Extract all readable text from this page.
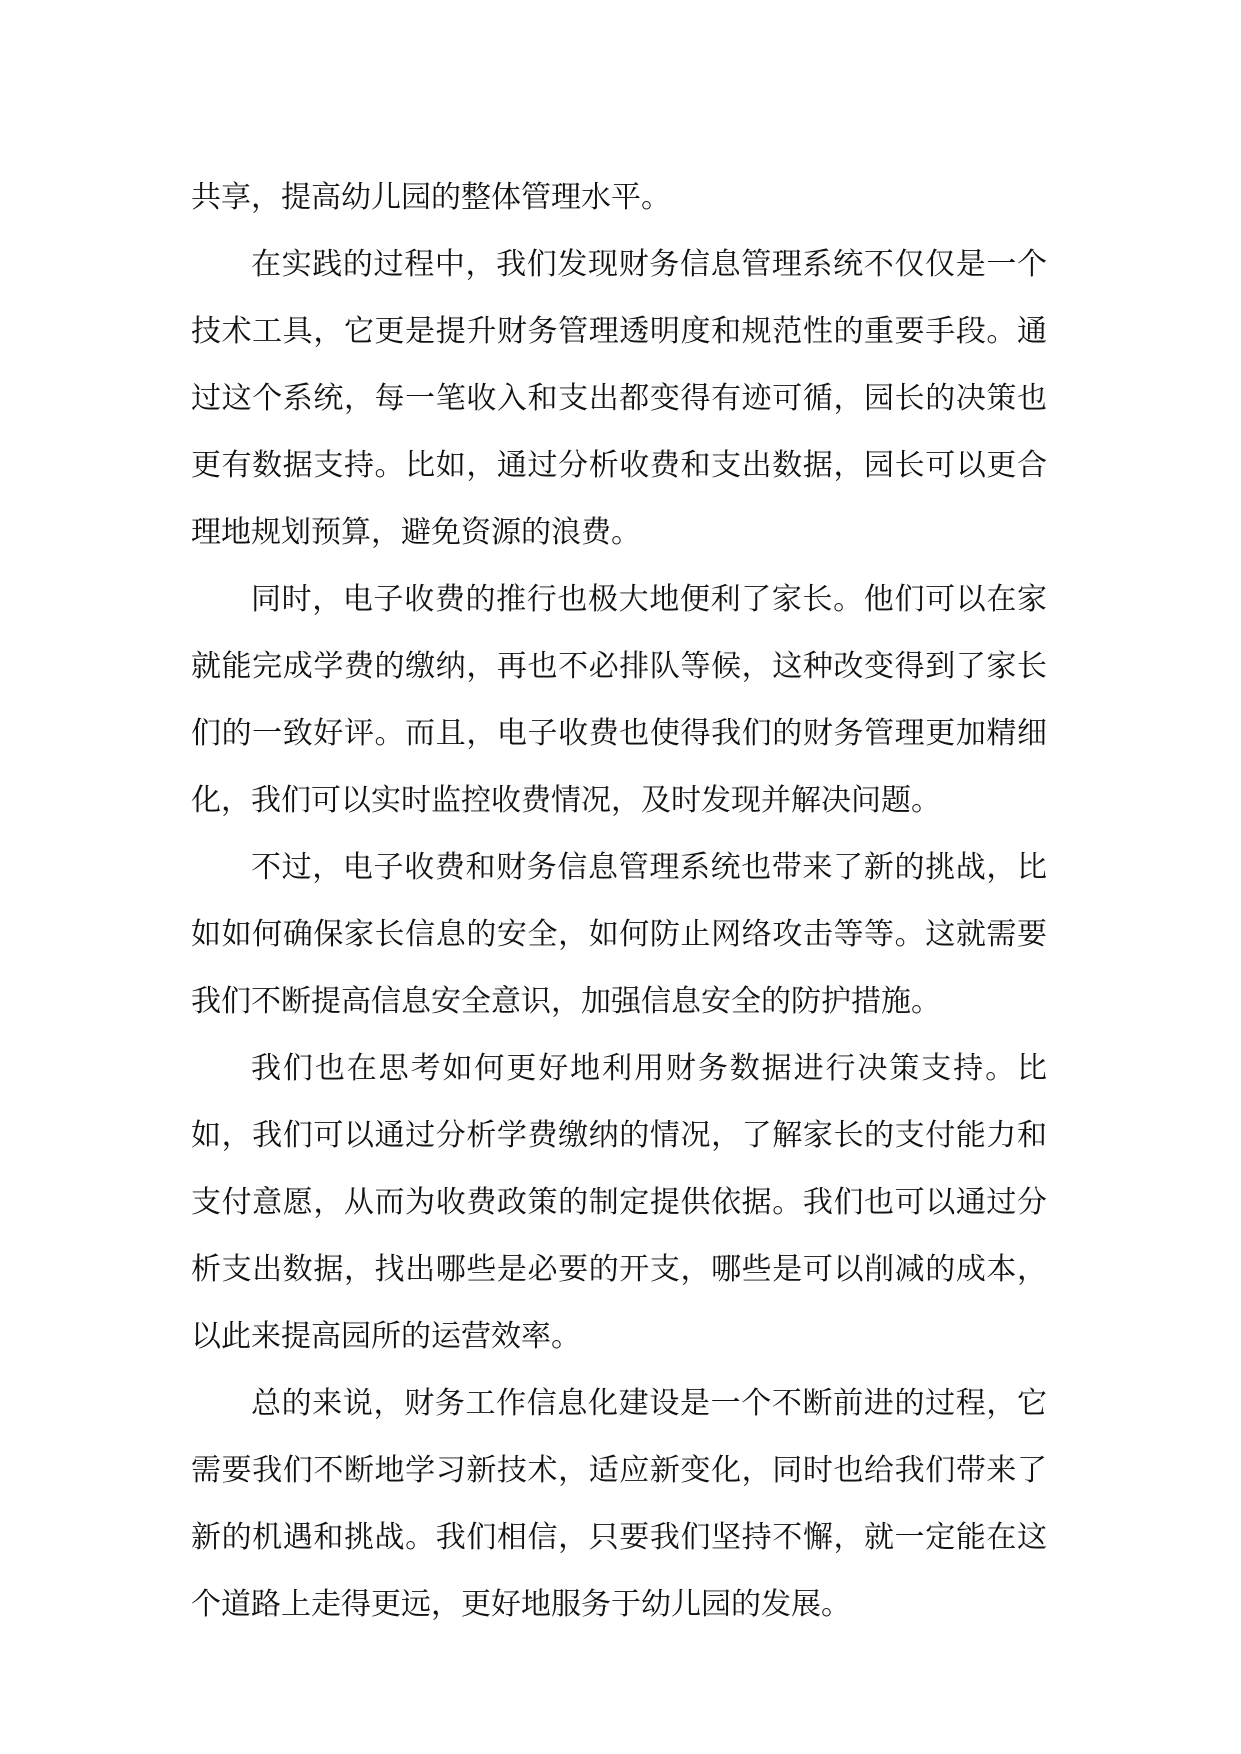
共享，提高幼儿园的整体管理水平。

在实践的过程中，我们发现财务信息管理系统不仅仅是一个技术工具，它更是提升财务管理透明度和规范性的重要手段。通过这个系统，每一笔收入和支出都变得有迹可循，园长的决策也更有数据支持。比如，通过分析收费和支出数据，园长可以更合理地规划预算，避免资源的浪费。

同时，电子收费的推行也极大地便利了家长。他们可以在家就能完成学费的缴纳，再也不必排队等候，这种改变得到了家长们的一致好评。而且，电子收费也使得我们的财务管理更加精细化，我们可以实时监控收费情况，及时发现并解决问题。

不过，电子收费和财务信息管理系统也带来了新的挑战，比如如何确保家长信息的安全，如何防止网络攻击等等。这就需要我们不断提高信息安全意识，加强信息安全的防护措施。

我们也在思考如何更好地利用财务数据进行决策支持。比如，我们可以通过分析学费缴纳的情况，了解家长的支付能力和支付意愿，从而为收费政策的制定提供依据。我们也可以通过分析支出数据，找出哪些是必要的开支，哪些是可以削减的成本，以此来提高园所的运营效率。

总的来说，财务工作信息化建设是一个不断前进的过程，它需要我们不断地学习新技术，适应新变化，同时也给我们带来了新的机遇和挑战。我们相信，只要我们坚持不懈，就一定能在这个道路上走得更远，更好地服务于幼儿园的发展。
